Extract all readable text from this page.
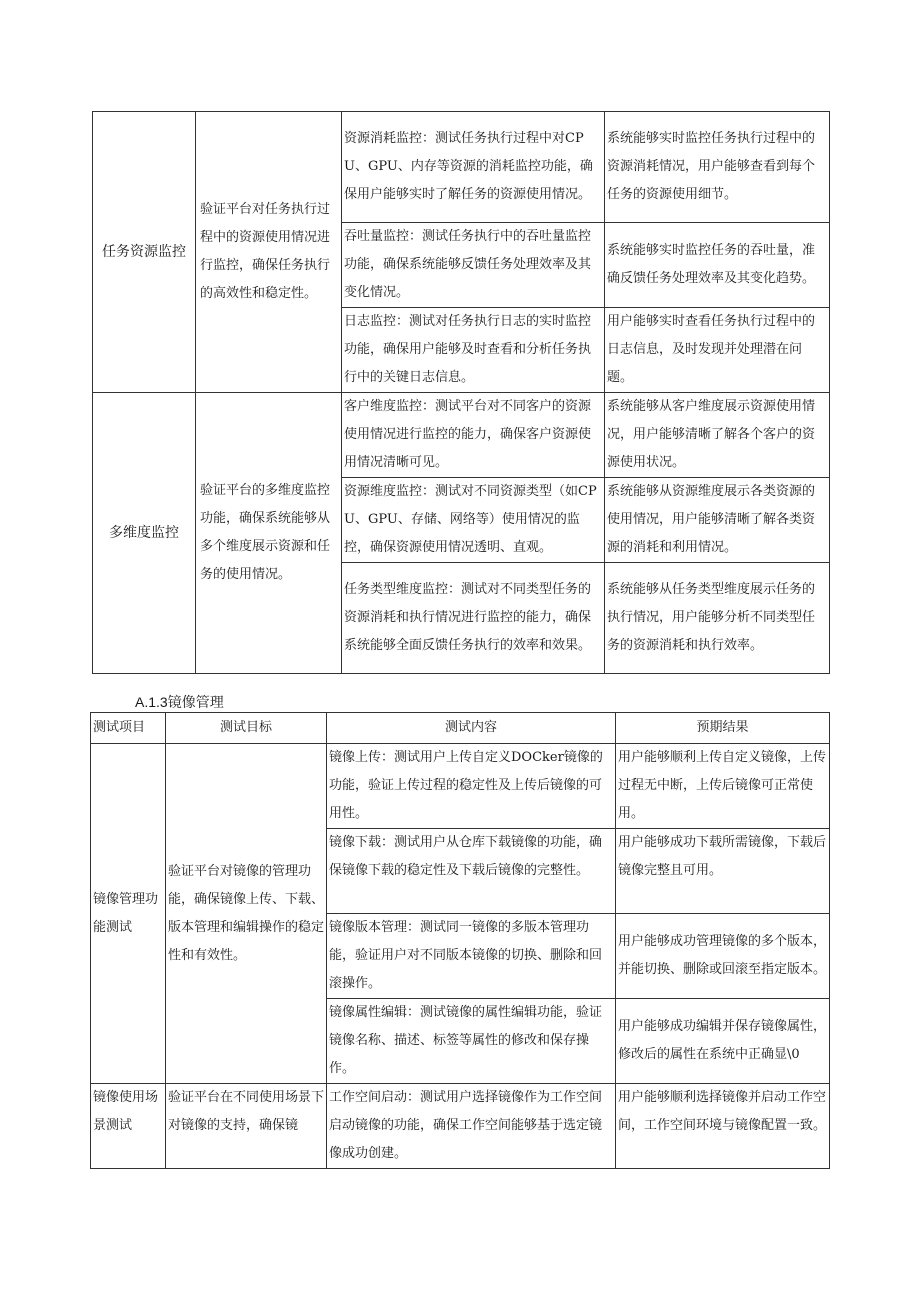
任务资源监控	验证平台对任务执行过程中的资源使用情况进行监控，确保任务执行的高效性和稳定性。	资源消耗监控：测试任务执行过程中对CPU、GPU、内存等资源的消耗监控功能，确保用户能够实时了解任务的资源使用情况。	系统能够实时监控任务执行过程中的资源消耗情况，用户能够查看到每个任务的资源使用细节。
		吞吐量监控：测试任务执行中的吞吐量监控功能，确保系统能够反馈任务处理效率及其变化情况。	系统能够实时监控任务的吞吐量，准确反馈任务处理效率及其变化趋势。
		日志监控：测试对任务执行日志的实时监控功能，确保用户能够及时查看和分析任务执行中的关键日志信息。	用户能够实时查看任务执行过程中的日志信息，及时发现并处理潜在问题。
多维度监控	验证平台的多维度监控功能，确保系统能够从多个维度展示资源和任务的使用情况。	客户维度监控：测试平台对不同客户的资源使用情况进行监控的能力，确保客户资源使用情况清晰可见。	系统能够从客户维度展示资源使用情况，用户能够清晰了解各个客户的资源使用状况。
		资源维度监控：测试对不同资源类型（如CPU、GPU、存储、网络等）使用情况的监控，确保资源使用情况透明、直观。	系统能够从资源维度展示各类资源的使用情况，用户能够清晰了解各类资源的消耗和利用情况。
		任务类型维度监控：测试对不同类型任务的资源消耗和执行情况进行监控的能力，确保系统能够全面反馈任务执行的效率和效果。	系统能够从任务类型维度展示任务的执行情况，用户能够分析不同类型任务的资源消耗和执行效率。
A.1.3镜像管理
测试项目	测试目标	测试内容	预期结果
镜像管理功能测试	验证平台对镜像的管理功能，确保镜像上传、下载、版本管理和编辑操作的稳定性和有效性。	镜像上传：测试用户上传自定义DOCker镜像的功能，验证上传过程的稳定性及上传后镜像的可用性。	用户能够顺利上传自定义镜像，上传过程无中断，上传后镜像可正常使用。
		镜像下载：测试用户从仓库下载镜像的功能，确保镜像下载的稳定性及下载后镜像的完整性。	用户能够成功下载所需镜像，下载后镜像完整且可用。
		镜像版本管理：测试同一镜像的多版本管理功能，验证用户对不同版本镜像的切换、删除和回滚操作。	用户能够成功管理镜像的多个版本，并能切换、删除或回滚至指定版本。
		镜像属性编辑：测试镜像的属性编辑功能，验证镜像名称、描述、标签等属性的修改和保存操作。	用户能够成功编辑并保存镜像属性，修改后的属性在系统中正确显\0
镜像使用场景测试	验证平台在不同使用场景下对镜像的支持，确保镜	工作空间启动：测试用户选择镜像作为工作空间启动镜像的功能，确保工作空间能够基于选定镜像成功创建。	用户能够顺利选择镜像并启动工作空间，工作空间环境与镜像配置一致。
